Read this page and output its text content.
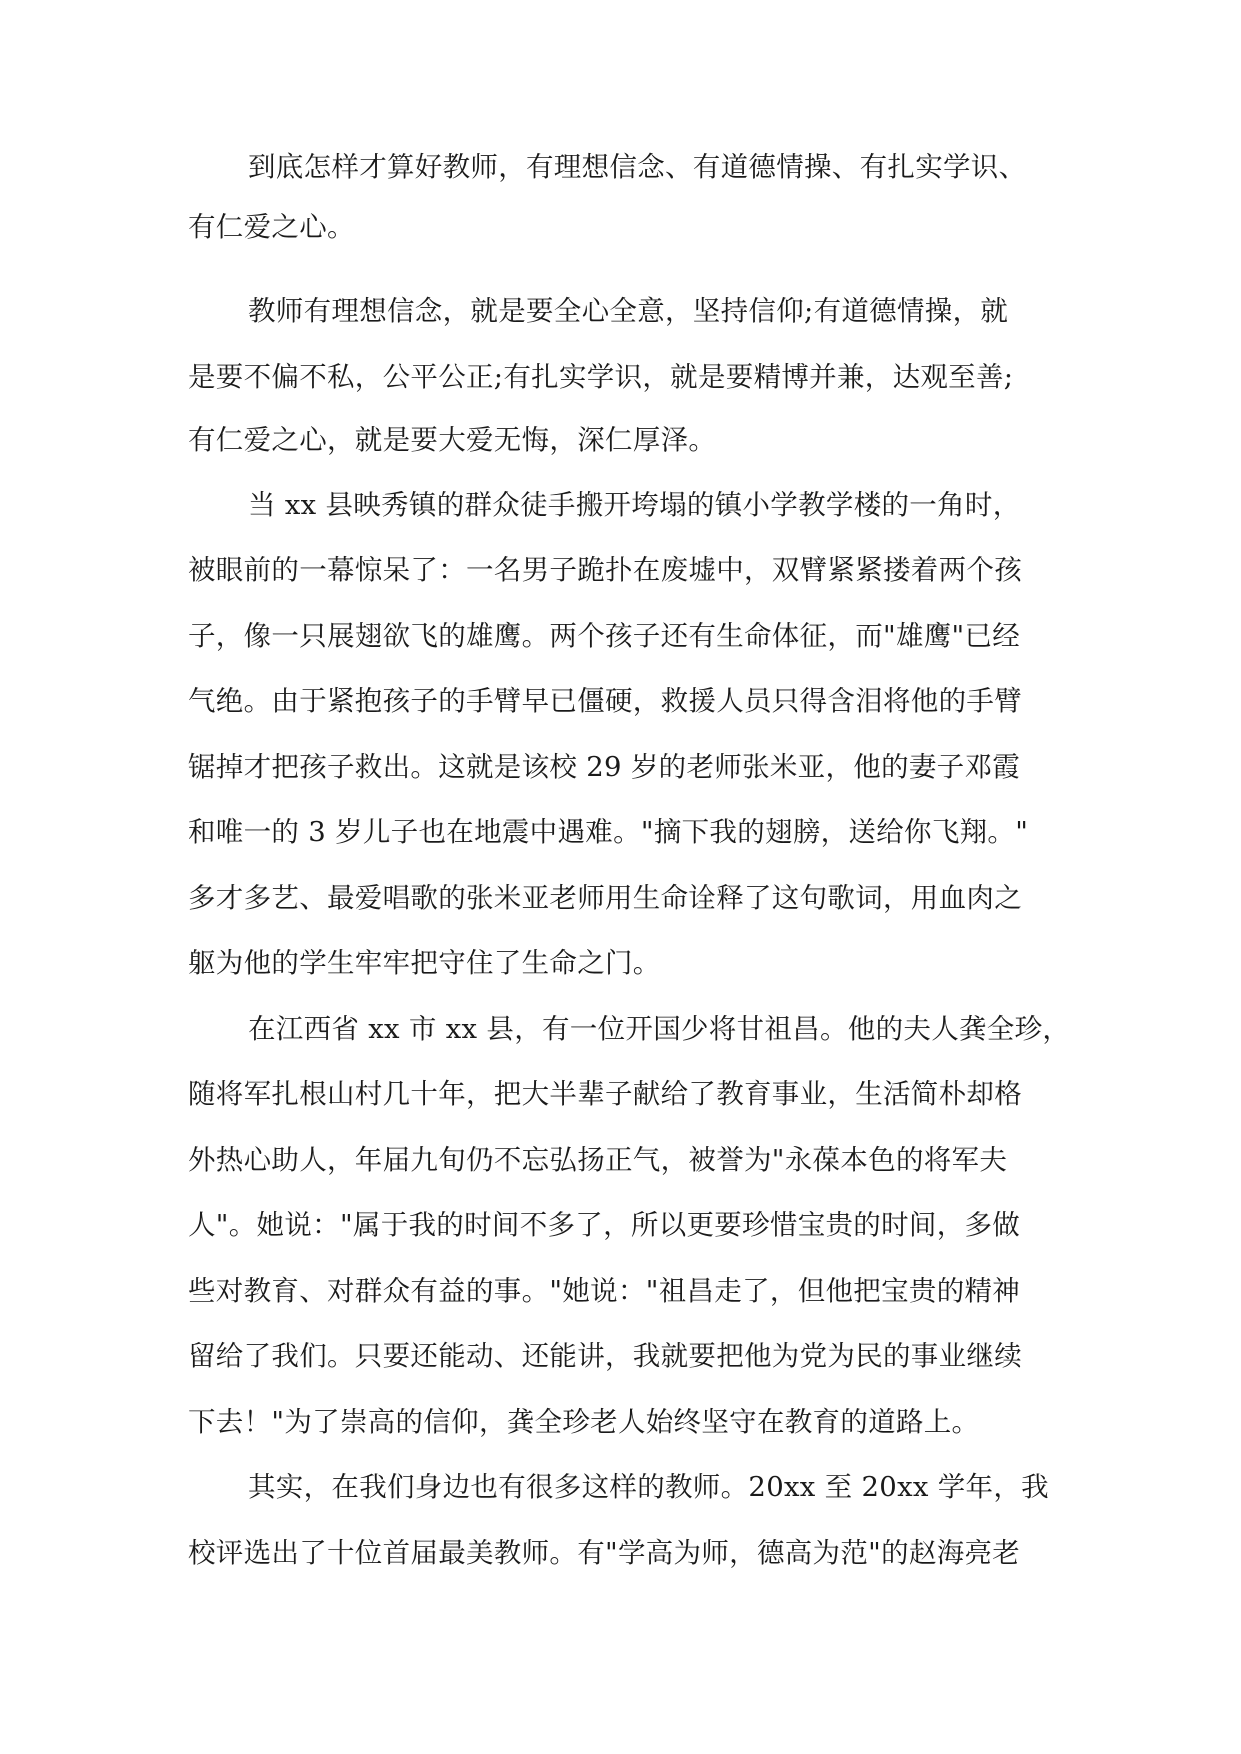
到底怎样才算好教师，有理想信念、有道德情操、有扎实学识、
有仁爱之心。
教师有理想信念，就是要全心全意，坚持信仰;有道德情操，就
是要不偏不私，公平公正;有扎实学识，就是要精博并兼，达观至善;
有仁爱之心，就是要大爱无悔，深仁厚泽。
当 xx 县映秀镇的群众徒手搬开垮塌的镇小学教学楼的一角时，
被眼前的一幕惊呆了：一名男子跪扑在废墟中，双臂紧紧搂着两个孩
子，像一只展翅欲飞的雄鹰。两个孩子还有生命体征，而"雄鹰"已经
气绝。由于紧抱孩子的手臂早已僵硬，救援人员只得含泪将他的手臂
锯掉才把孩子救出。这就是该校 29 岁的老师张米亚，他的妻子邓霞
和唯一的 3 岁儿子也在地震中遇难。"摘下我的翅膀，送给你飞翔。"
多才多艺、最爱唱歌的张米亚老师用生命诠释了这句歌词，用血肉之
躯为他的学生牢牢把守住了生命之门。
在江西省 xx 市 xx 县，有一位开国少将甘祖昌。他的夫人龚全珍，
随将军扎根山村几十年，把大半辈子献给了教育事业，生活简朴却格
外热心助人，年届九旬仍不忘弘扬正气，被誉为"永葆本色的将军夫
人"。她说："属于我的时间不多了，所以更要珍惜宝贵的时间，多做
些对教育、对群众有益的事。"她说："祖昌走了，但他把宝贵的精神
留给了我们。只要还能动、还能讲，我就要把他为党为民的事业继续
下去！"为了崇高的信仰，龚全珍老人始终坚守在教育的道路上。
其实，在我们身边也有很多这样的教师。20xx 至 20xx 学年，我
校评选出了十位首届最美教师。有"学高为师，德高为范"的赵海亮老
